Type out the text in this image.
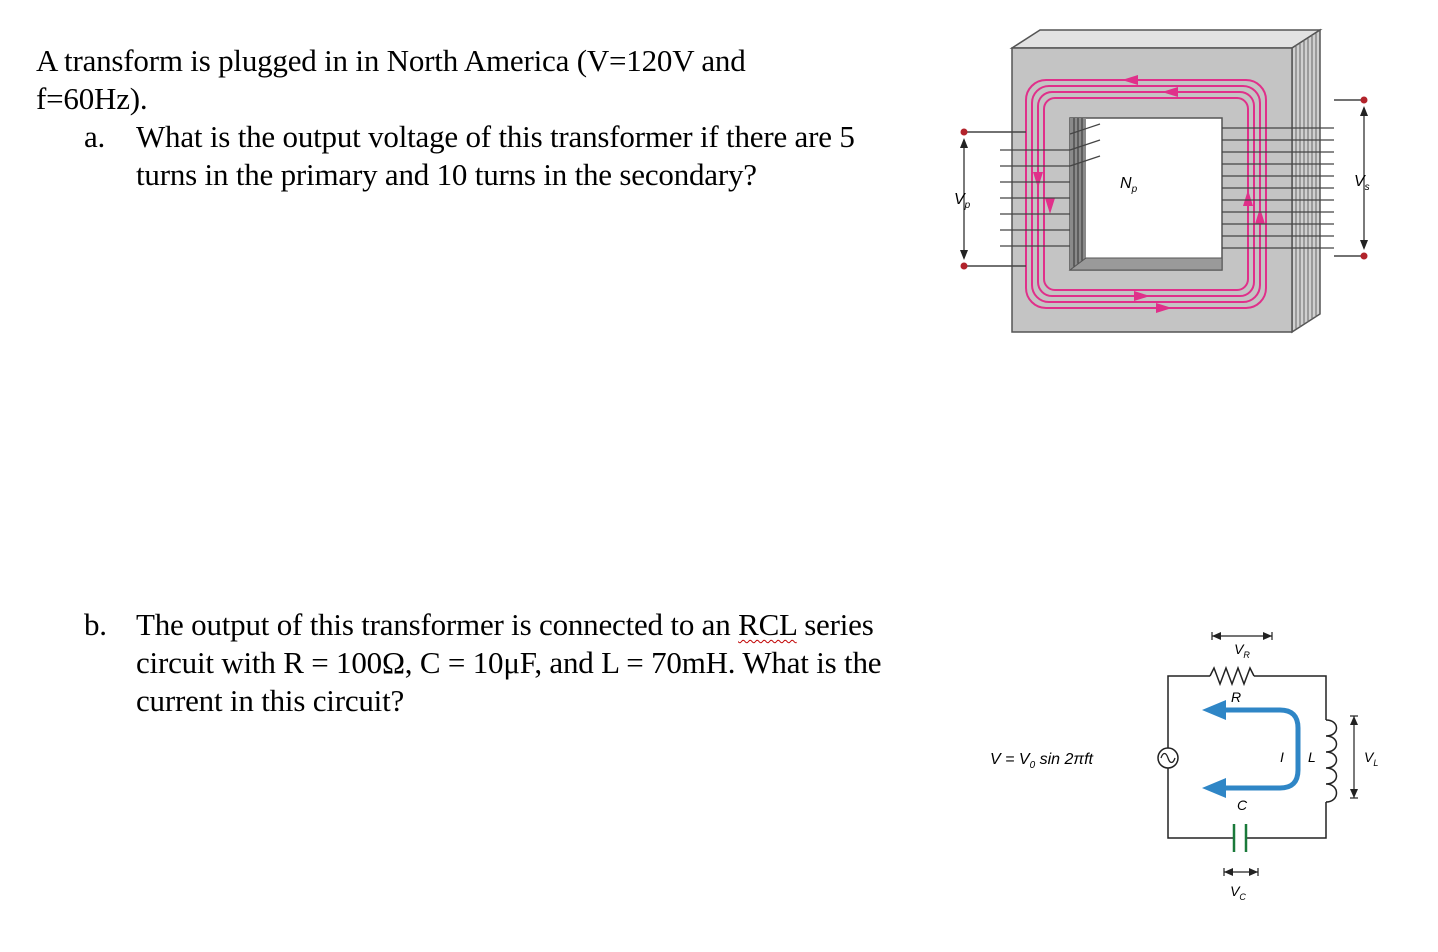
A transform is plugged in in North America (V=120V and
f=60Hz).

a. What is the output voltage of this transformer if there are 5
turns in the primary and 10 turns in the secondary?
b. The output of this transformer is connected to an RCL series
circuit with R = 100Ω, C = 10μF, and L = 70mH. What is the
current in this circuit?
$V_p$
$N_p$	$V_s$
R
$V_R$
L	$V_L$
C
$V_C$
I
$V = V_0$ sin 2πft
